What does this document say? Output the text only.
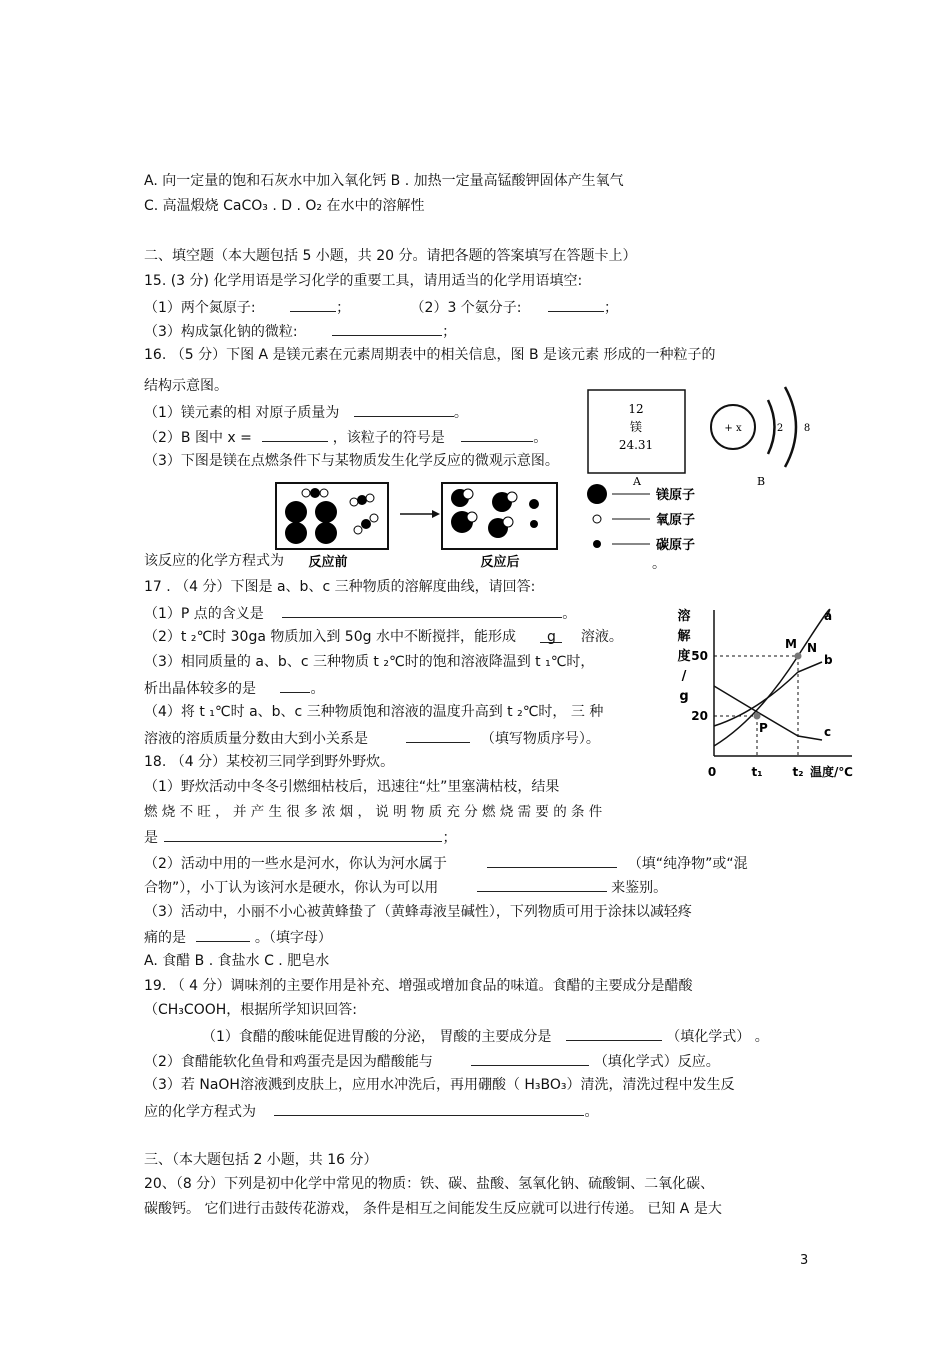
A. 向一定量的饱和石灰水中加入氧化钙 B . 加热一定量高锰酸钾固体产生氧气
C. 高温煅烧 CaCO₃ . D . O₂ 在水中的溶解性
二、填空题（本大题包括 5 小题，共 20 分。请把各题的答案填写在答题卡上）
15. (3 分) 化学用语是学习化学的重要工具，请用适当的化学用语填空:
（1）两个氮原子:	；	（2）3 个氨分子:	；
（3）构成氯化钠的微粒:	；
16. （5 分）下图 A 是镁元素在元素周期表中的相关信息，图 B 是该元素 形成的一种粒子的
结构示意图。
（1）镁元素的相 对原子质量为	。
（2）B 图中 x =	，该粒子的符号是	。
（3）下图是镁在点燃条件下与某物质发生化学反应的微观示意图。
12
镁
24.31
A
+ x	2 8
B
反应前	反应后
镁原子
氧原子
碳原子
该反应的化学方程式为	。
17 . （4 分）下图是 a、b、c 三种物质的溶解度曲线，请回答:
（1）P 点的含义是	。
（2）t ₂℃时 30ga 物质加入到 50g 水中不断搅拌，能形成 g 溶液。
（3）相同质量的 a、b、c 三种物质 t ₂℃时的饱和溶液降温到 t ₁℃时，
析出晶体较多的是	。
（4）将 t ₁℃时 a、b、c 三种物质饱和溶液的温度升高到 t ₂℃时， 三 种
溶液的溶质质量分数由大到小关系是	（填写物质序号）。
溶
解
度
/
g
温度/℃
50
20
0	t₁	t₂
a
b
c
P
M N
18. （4 分）某校初三同学到野外野炊。
（1）野炊活动中冬冬引燃细枯枝后，迅速往“灶”里塞满枯枝，结果
燃 烧 不 旺 ， 并 产 生 很 多 浓 烟 ， 说 明 物 质 充 分 燃 烧 需 要 的 条 件
是	；
（2）活动中用的一些水是河水，你认为河水属于	（填“纯净物”或“混
合物”），小丁认为该河水是硬水，你认为可以用	来鉴别。
（3）活动中，小丽不小心被黄蜂蛰了（黄蜂毒液呈碱性），下列物质可用于涂抹以减轻疼
痛的是	。（填字母）
A. 食醋 B . 食盐水 C . 肥皂水
19. （ 4 分）调味剂的主要作用是补充、增强或增加食品的味道。食醋的主要成分是醋酸
（CH₃COOH，根据所学知识回答:
（1）食醋的酸味能促进胃酸的分泌， 胃酸的主要成分是	（填化学式） 。
（2）食醋能软化鱼骨和鸡蛋壳是因为醋酸能与	（填化学式）反应。
（3）若 NaOH溶液溅到皮肤上，应用水冲洗后，再用硼酸（ H₃BO₃）清洗，清洗过程中发生反
应的化学方程式为	。
三、（本大题包括 2 小题，共 16 分）
20、（8 分）下列是初中化学中常见的物质：铁、碳、盐酸、氢氧化钠、硫酸铜、二氧化碳、
碳酸钙。 它们进行击鼓传花游戏， 条件是相互之间能发生反应就可以进行传递。 已知 A 是大
3
